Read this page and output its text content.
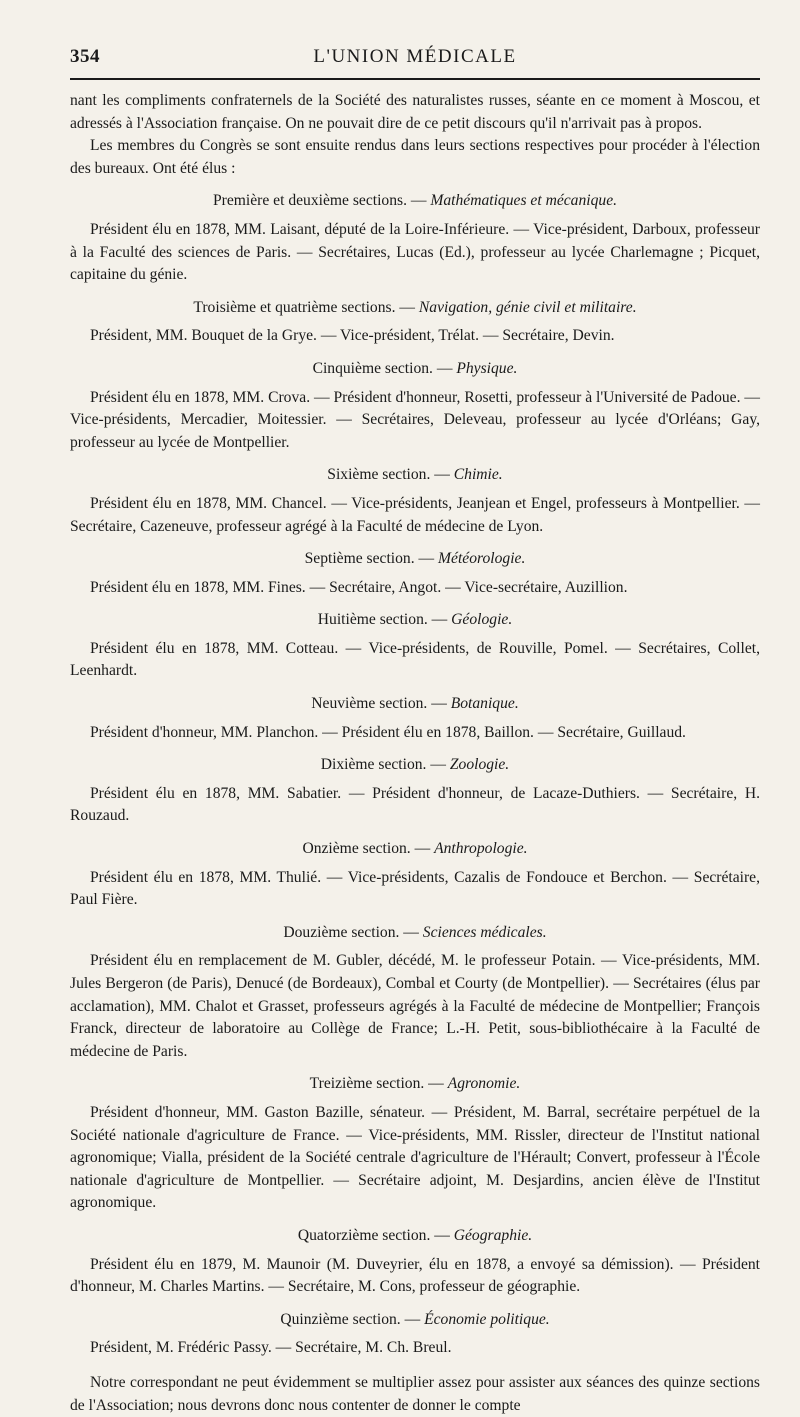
354	L'UNION MÉDICALE

nant les compliments confraternels de la Société des naturalistes russes, séante en ce moment à Moscou, et adressés à l'Association française. On ne pouvait dire de ce petit discours qu'il n'arrivait pas à propos.

Les membres du Congrès se sont ensuite rendus dans leurs sections respectives pour procéder à l'élection des bureaux. Ont été élus :

Première et deuxième sections. — Mathématiques et mécanique.

Président élu en 1878, MM. Laisant, député de la Loire-Inférieure. — Vice-président, Darboux, professeur à la Faculté des sciences de Paris. — Secrétaires, Lucas (Ed.), professeur au lycée Charlemagne ; Picquet, capitaine du génie.

Troisième et quatrième sections. — Navigation, génie civil et militaire.

Président, MM. Bouquet de la Grye. — Vice-président, Trélat. — Secrétaire, Devin.

Cinquième section. — Physique.

Président élu en 1878, MM. Crova. — Président d'honneur, Rosetti, professeur à l'Université de Padoue. — Vice-présidents, Mercadier, Moitessier. — Secrétaires, Deleveau, professeur au lycée d'Orléans; Gay, professeur au lycée de Montpellier.

Sixième section. — Chimie.

Président élu en 1878, MM. Chancel. — Vice-présidents, Jeanjean et Engel, professeurs à Montpellier. — Secrétaire, Cazeneuve, professeur agrégé à la Faculté de médecine de Lyon.

Septième section. — Météorologie.

Président élu en 1878, MM. Fines. — Secrétaire, Angot. — Vice-secrétaire, Auzillion.

Huitième section. — Géologie.

Président élu en 1878, MM. Cotteau. — Vice-présidents, de Rouville, Pomel. — Secrétaires, Collet, Leenhardt.

Neuvième section. — Botanique.

Président d'honneur, MM. Planchon. — Président élu en 1878, Baillon. — Secrétaire, Guillaud.

Dixième section. — Zoologie.

Président élu en 1878, MM. Sabatier. — Président d'honneur, de Lacaze-Duthiers. — Secrétaire, H. Rouzaud.

Onzième section. — Anthropologie.

Président élu en 1878, MM. Thulié. — Vice-présidents, Cazalis de Fondouce et Berchon. — Secrétaire, Paul Fière.

Douzième section. — Sciences médicales.

Président élu en remplacement de M. Gubler, décédé, M. le professeur Potain. — Vice-présidents, MM. Jules Bergeron (de Paris), Denucé (de Bordeaux), Combal et Courty (de Montpellier). — Secrétaires (élus par acclamation), MM. Chalot et Grasset, professeurs agrégés à la Faculté de médecine de Montpellier; François Franck, directeur de laboratoire au Collège de France; L.-H. Petit, sous-bibliothécaire à la Faculté de médecine de Paris.

Treizième section. — Agronomie.

Président d'honneur, MM. Gaston Bazille, sénateur. — Président, M. Barral, secrétaire perpétuel de la Société nationale d'agriculture de France. — Vice-présidents, MM. Rissler, directeur de l'Institut national agronomique; Vialla, président de la Société centrale d'agriculture de l'Hérault; Convert, professeur à l'École nationale d'agriculture de Montpellier. — Secrétaire adjoint, M. Desjardins, ancien élève de l'Institut agronomique.

Quatorzième section. — Géographie.

Président élu en 1879, M. Maunoir (M. Duveyrier, élu en 1878, a envoyé sa démission). — Président d'honneur, M. Charles Martins. — Secrétaire, M. Cons, professeur de géographie.

Quinzième section. — Économie politique.

Président, M. Frédéric Passy. — Secrétaire, M. Ch. Breul.

Notre correspondant ne peut évidemment se multiplier assez pour assister aux séances des quinze sections de l'Association; nous devrons donc nous contenter de donner le compte
